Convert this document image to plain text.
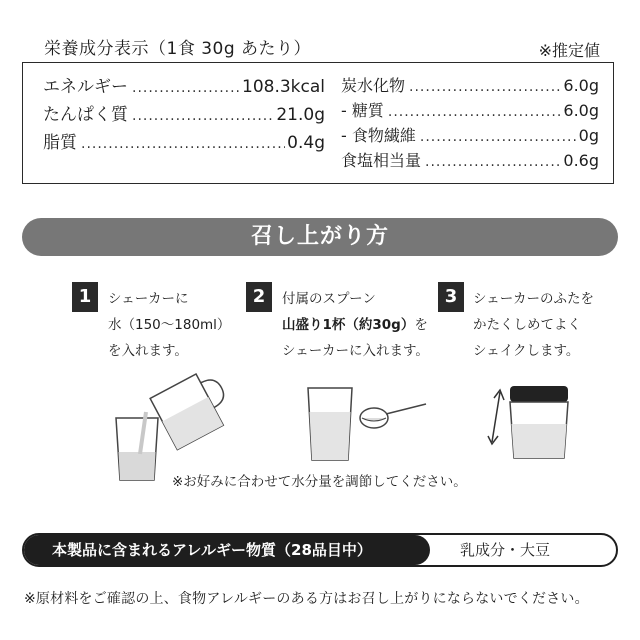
栄養成分表示（1食 30g あたり）	※推定値
エネルギー .....	108.3kcal
たんぱく質 .....	21.0g
脂質 .....	0.4g
炭水化物 .....	6.0g
- 糖質 .....	6.0g
- 食物繊維 .....	0g
食塩相当量 .....	0.6g
召し上がり方
1	シェーカーに
水（150〜180ml）
を入れます。
2	付属のスプーン
山盛り1杯（約30g）を
シェーカーに入れます。
3	シェーカーのふたを
かたくしめてよく
シェイクします。
※お好みに合わせて水分量を調節してください。
本製品に含まれるアレルギー物質（28品目中）	乳成分・大豆
※原材料をご確認の上、食物アレルギーのある方はお召し上がりにならないでください。
